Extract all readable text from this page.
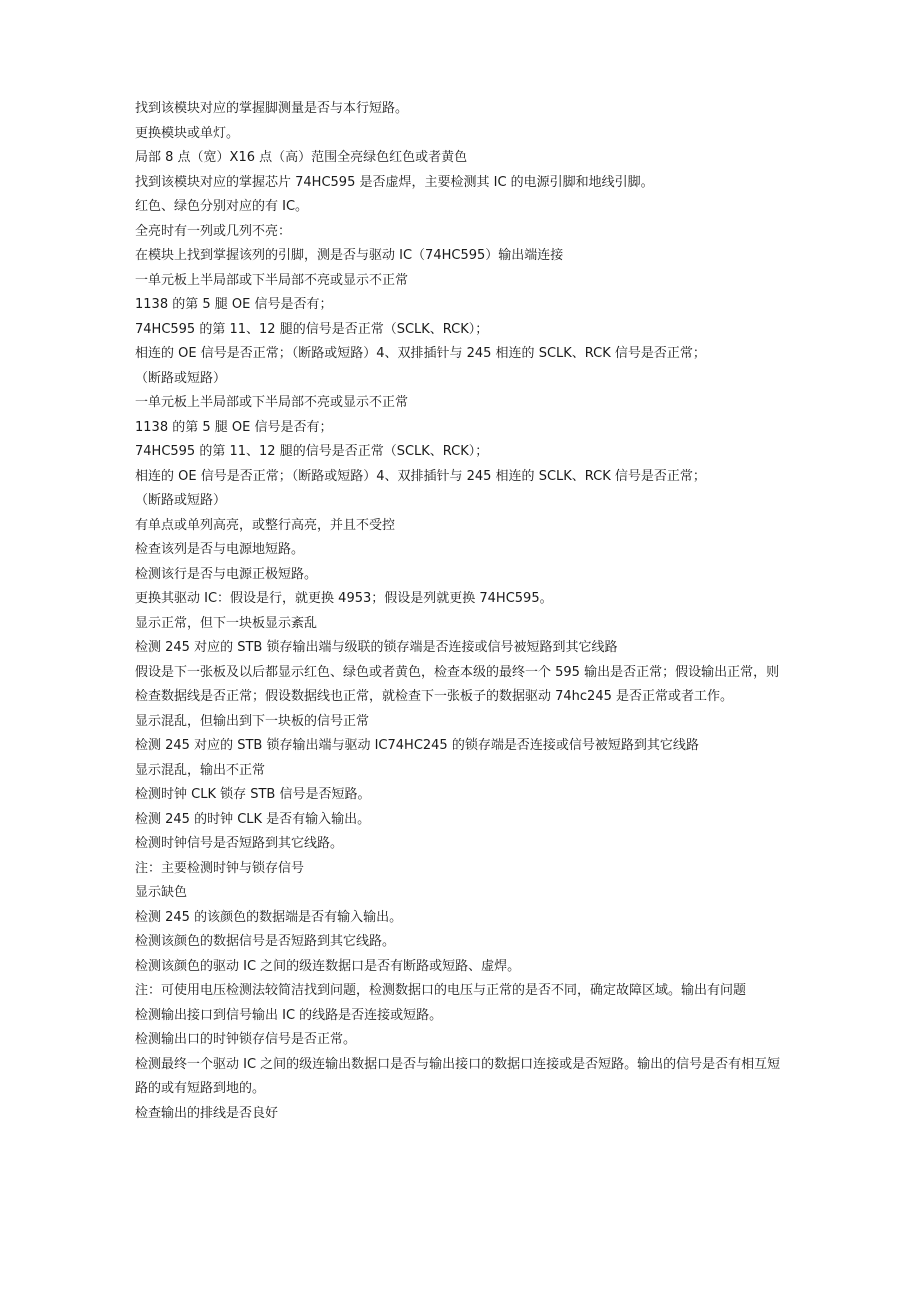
找到该模块对应的掌握脚测量是否与本行短路。

更换模块或单灯。

局部 8 点（宽）X16 点（高）范围全亮绿色红色或者黄色

找到该模块对应的掌握芯片 74HC595 是否虚焊，主要检测其 IC 的电源引脚和地线引脚。

红色、绿色分别对应的有 IC。

全亮时有一列或几列不亮：

在模块上找到掌握该列的引脚，测是否与驱动 IC（74HC595）输出端连接

一单元板上半局部或下半局部不亮或显示不正常

1138 的第 5 腿 OE 信号是否有；

74HC595 的第 11、12 腿的信号是否正常（SCLK、RCK）；

相连的 OE 信号是否正常；（断路或短路）4、双排插针与 245 相连的 SCLK、RCK 信号是否正常；

（断路或短路）

一单元板上半局部或下半局部不亮或显示不正常

1138 的第 5 腿 OE 信号是否有；

74HC595 的第 11、12 腿的信号是否正常（SCLK、RCK）；

相连的 OE 信号是否正常；（断路或短路）4、双排插针与 245 相连的 SCLK、RCK 信号是否正常；

（断路或短路）

有单点或单列高亮，或整行高亮，并且不受控

检查该列是否与电源地短路。

检测该行是否与电源正极短路。

更换其驱动 IC：假设是行，就更换 4953；假设是列就更换 74HC595。

显示正常，但下一块板显示紊乱

检测 245 对应的 STB 锁存输出端与级联的锁存端是否连接或信号被短路到其它线路

假设是下一张板及以后都显示红色、绿色或者黄色，检查本级的最终一个 595 输出是否正常；假设输出正常，则检查数据线是否正常；假设数据线也正常，就检查下一张板子的数据驱动 74hc245 是否正常或者工作。

显示混乱，但输出到下一块板的信号正常

检测 245 对应的 STB 锁存输出端与驱动 IC74HC245 的锁存端是否连接或信号被短路到其它线路

显示混乱，输出不正常

检测时钟 CLK 锁存 STB 信号是否短路。

检测 245 的时钟 CLK 是否有输入输出。

检测时钟信号是否短路到其它线路。

注：主要检测时钟与锁存信号

显示缺色

检测 245 的该颜色的数据端是否有输入输出。

检测该颜色的数据信号是否短路到其它线路。

检测该颜色的驱动 IC 之间的级连数据口是否有断路或短路、虚焊。

注：可使用电压检测法较简洁找到问题，检测数据口的电压与正常的是否不同，确定故障区域。输出有问题

检测输出接口到信号输出 IC 的线路是否连接或短路。

检测输出口的时钟锁存信号是否正常。

检测最终一个驱动 IC 之间的级连输出数据口是否与输出接口的数据口连接或是否短路。输出的信号是否有相互短路的或有短路到地的。

检查输出的排线是否良好
